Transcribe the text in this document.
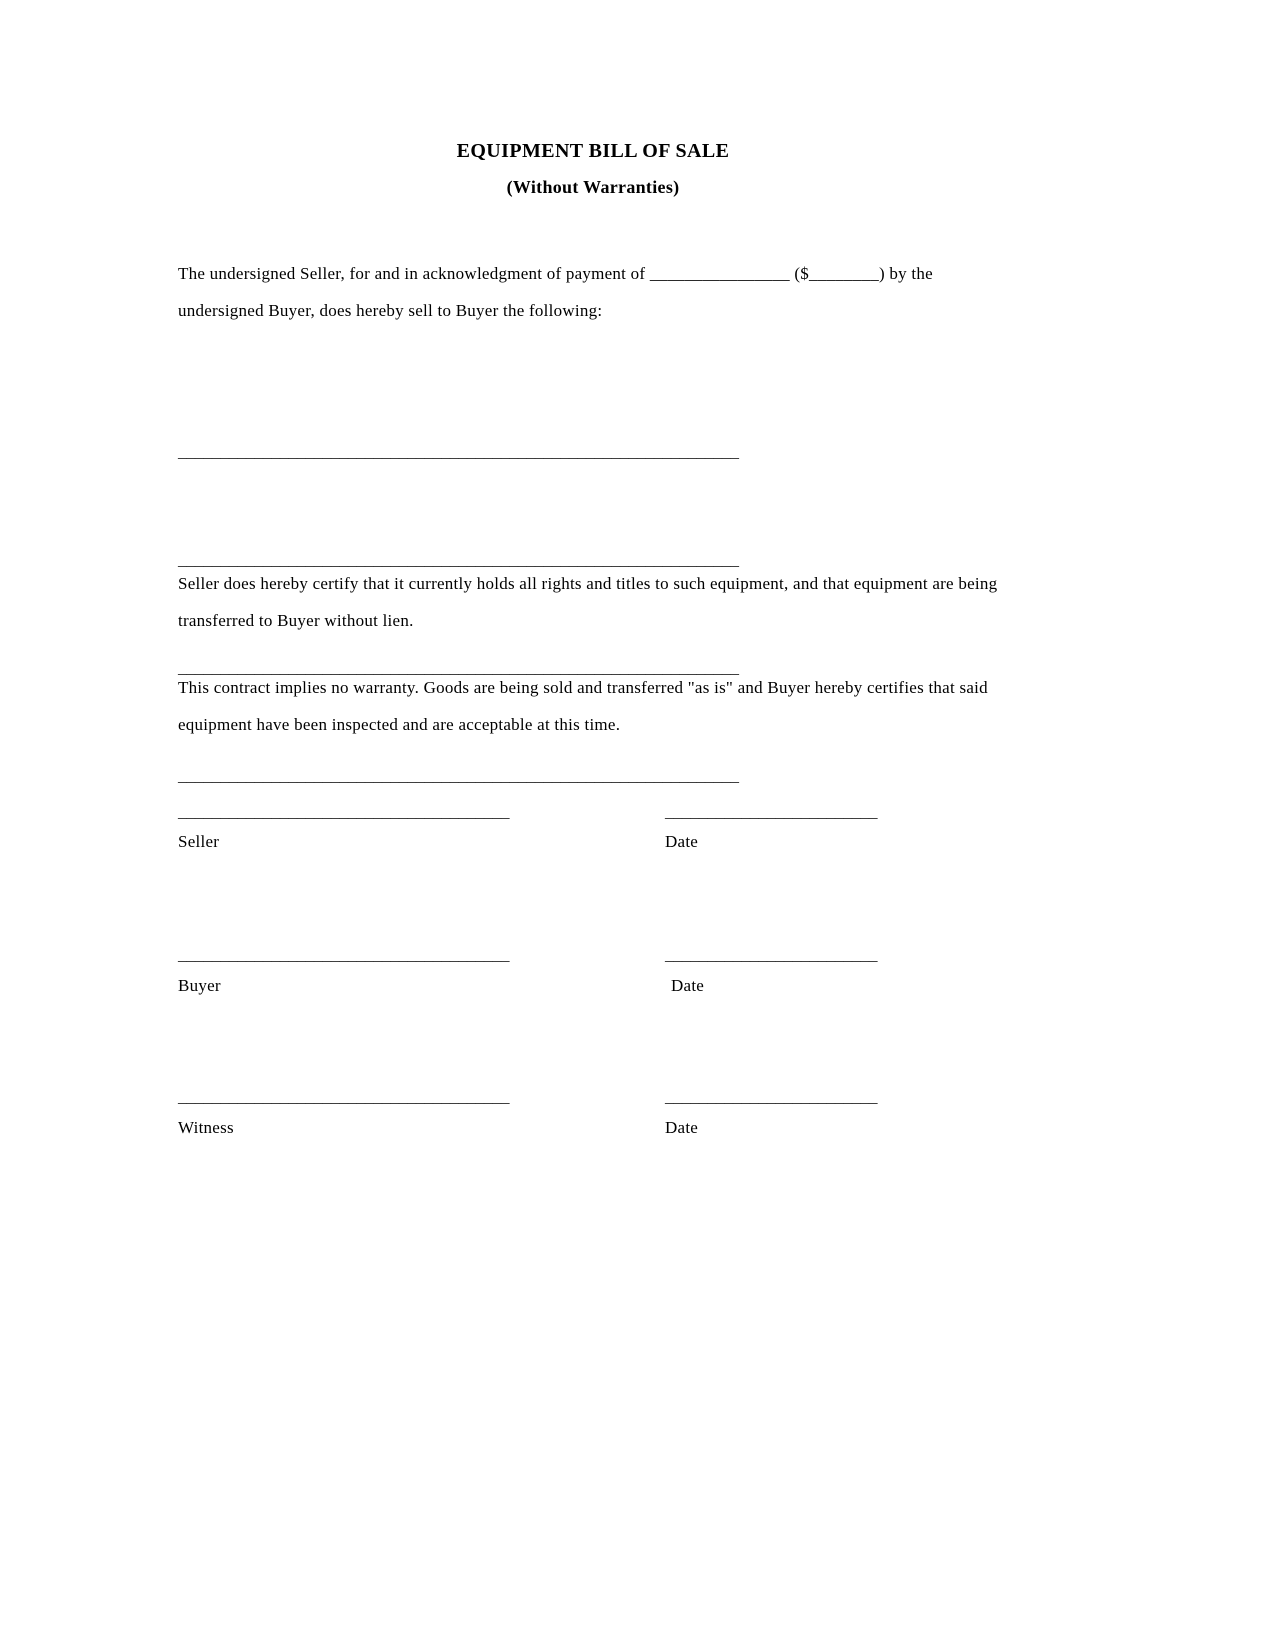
EQUIPMENT BILL OF SALE
(Without Warranties)

The undersigned Seller, for and in acknowledgment of payment of ________________ ($________) by the undersigned Buyer, does hereby sell to Buyer the following:

__________________________________________________________________

__________________________________________________________________

__________________________________________________________________

__________________________________________________________________

Seller does hereby certify that it currently holds all rights and titles to such equipment, and that equipment are being transferred to Buyer without lien.

This contract implies no warranty. Goods are being sold and transferred "as is" and Buyer hereby certifies that said equipment have been inspected and are acceptable at this time.

_______________________________________	_________________________
Seller	Date
_______________________________________	_________________________
Buyer	Date
_______________________________________	_________________________
Witness	Date
